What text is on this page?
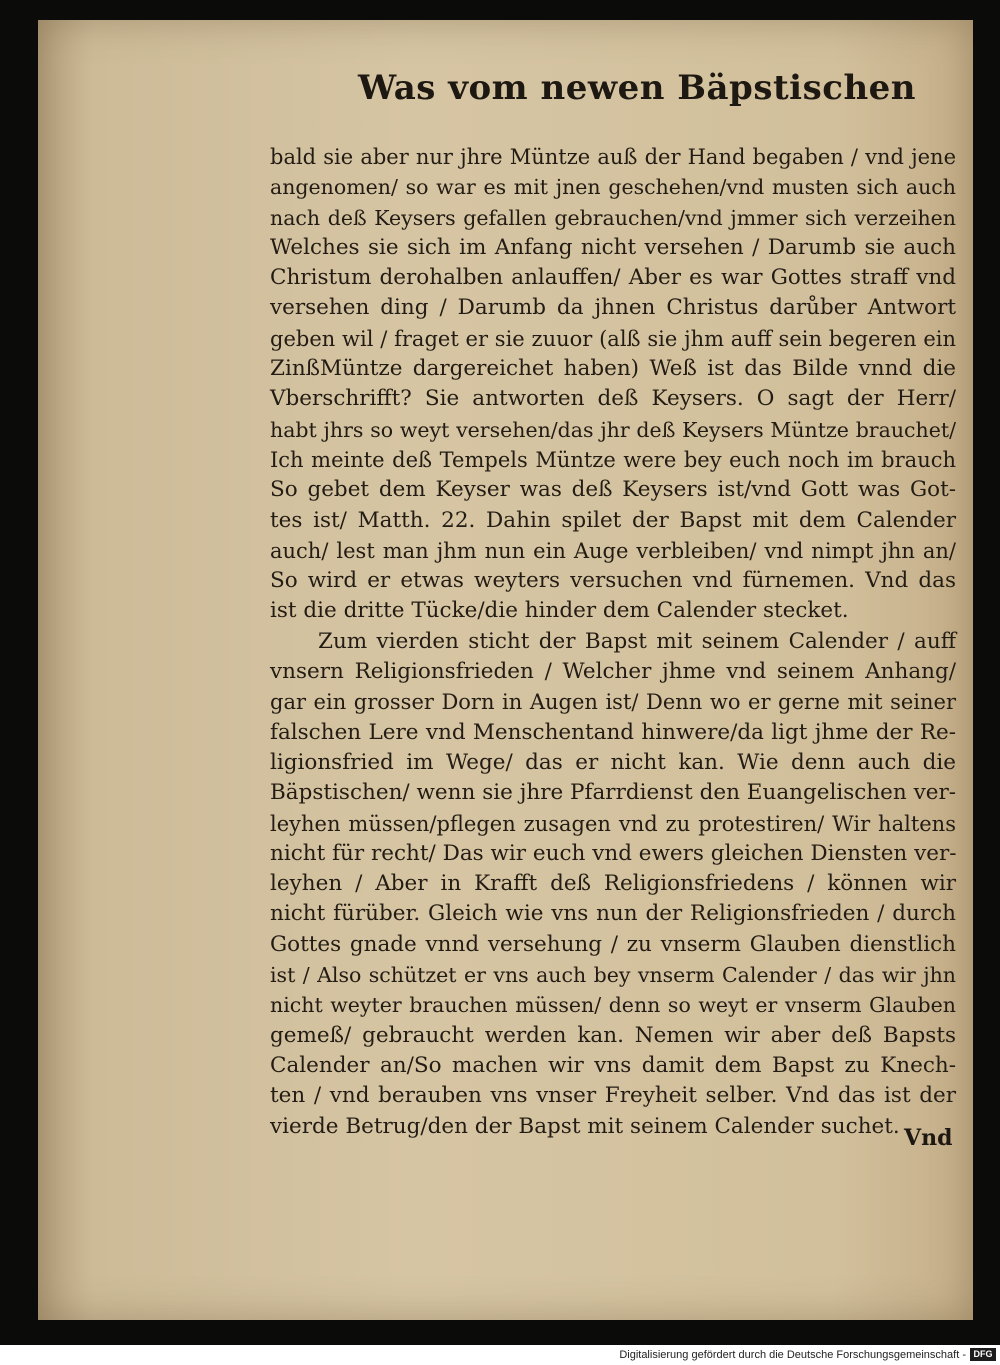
Was vom newen Bäpstischen
bald sie aber nur jhre Müntze auß der Hand begaben / vnd jene
angenomen/ so war es mit jnen geschehen/vnd musten sich auch
nach deß Keysers gefallen gebrauchen/vnd jmmer sich verzeihen
Welches sie sich im Anfang nicht versehen / Darumb sie auch
Christum derohalben anlauffen/ Aber es war Gottes straff vnd
versehen ding / Darumb da jhnen Christus darůber Antwort
geben wil / fraget er sie zuuor (alß sie jhm auff sein begeren ein
ZinßMüntze dargereichet haben) Weß ist das Bilde vnnd die
Vberschrifft? Sie antworten deß Keysers. O sagt der Herr/
habt jhrs so weyt versehen/das jhr deß Keysers Müntze brauchet/
Ich meinte deß Tempels Müntze were bey euch noch im brauch
So gebet dem Keyser was deß Keysers ist/vnd Gott was Got-
tes ist/ Matth. 22. Dahin spilet der Bapst mit dem Calender
auch/ lest man jhm nun ein Auge verbleiben/ vnd nimpt jhn an/
So wird er etwas weyters versuchen vnd fürnemen. Vnd das
ist die dritte Tücke/die hinder dem Calender stecket.
Zum vierden sticht der Bapst mit seinem Calender / auff
vnsern Religionsfrieden / Welcher jhme vnd seinem Anhang/
gar ein grosser Dorn in Augen ist/ Denn wo er gerne mit seiner
falschen Lere vnd Menschentand hinwere/da ligt jhme der Re-
ligionsfried im Wege/ das er nicht kan. Wie denn auch die
Bäpstischen/ wenn sie jhre Pfarrdienst den Euangelischen ver-
leyhen müssen/pflegen zusagen vnd zu protestiren/ Wir haltens
nicht für recht/ Das wir euch vnd ewers gleichen Diensten ver-
leyhen / Aber in Krafft deß Religionsfriedens / können wir
nicht fürüber. Gleich wie vns nun der Religionsfrieden / durch
Gottes gnade vnnd versehung / zu vnserm Glauben dienstlich
ist / Also schützet er vns auch bey vnserm Calender / das wir jhn
nicht weyter brauchen müssen/ denn so weyt er vnserm Glauben
gemeß/ gebraucht werden kan. Nemen wir aber deß Bapsts
Calender an/So machen wir vns damit dem Bapst zu Knech-
ten / vnd berauben vns vnser Freyheit selber. Vnd das ist der
vierde Betrug/den der Bapst mit seinem Calender suchet. Vnd
Digitalisierung gefördert durch die Deutsche Forschungsgemeinschaft - DFG
